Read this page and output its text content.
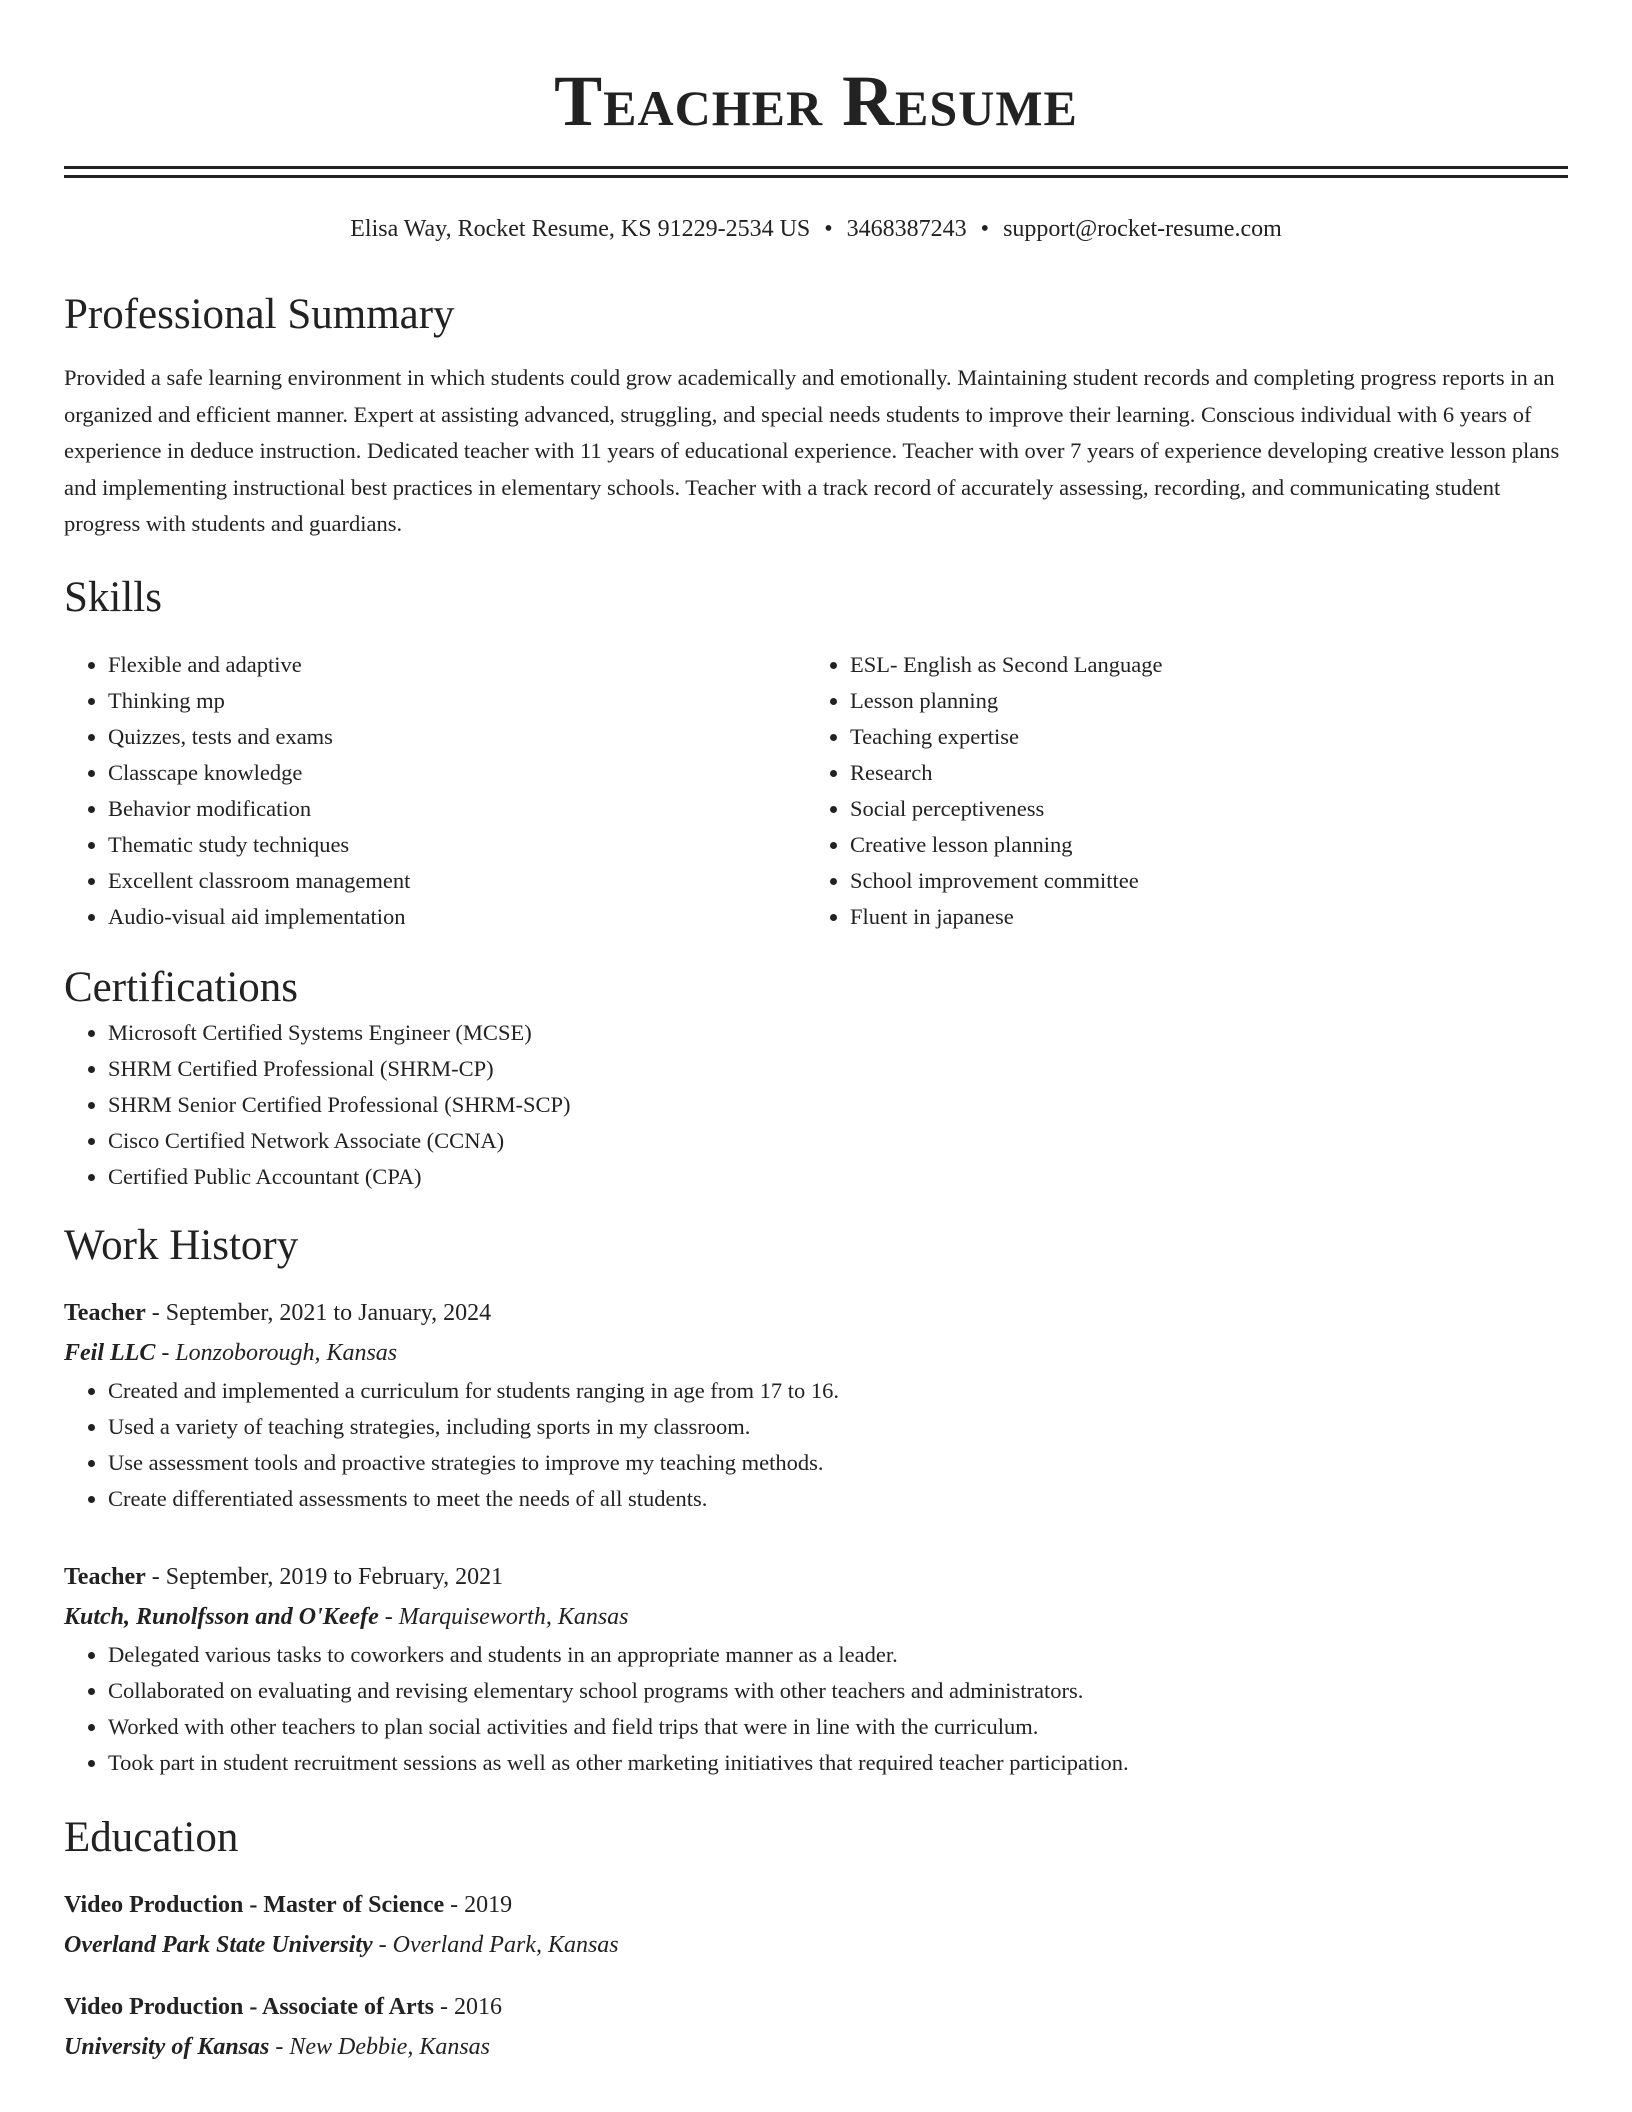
Teacher Resume
Elisa Way, Rocket Resume, KS 91229-2534 US • 3468387243 • support@rocket-resume.com
Professional Summary

Provided a safe learning environment in which students could grow academically and emotionally. Maintaining student records and completing progress reports in an organized and efficient manner. Expert at assisting advanced, struggling, and special needs students to improve their learning. Conscious individual with 6 years of experience in deduce instruction. Dedicated teacher with 11 years of educational experience. Teacher with over 7 years of experience developing creative lesson plans and implementing instructional best practices in elementary schools. Teacher with a track record of accurately assessing, recording, and communicating student progress with students and guardians.

Skills
• Flexible and adaptive
• Thinking mp
• Quizzes, tests and exams
• Classcape knowledge
• Behavior modification
• Thematic study techniques
• Excellent classroom management
• Audio-visual aid implementation
• ESL- English as Second Language
• Lesson planning
• Teaching expertise
• Research
• Social perceptiveness
• Creative lesson planning
• School improvement committee
• Fluent in japanese
Certifications
• Microsoft Certified Systems Engineer (MCSE)
• SHRM Certified Professional (SHRM-CP)
• SHRM Senior Certified Professional (SHRM-SCP)
• Cisco Certified Network Associate (CCNA)
• Certified Public Accountant (CPA)
Work History
Teacher - September, 2021 to January, 2024
Feil LLC - Lonzoborough, Kansas
• Created and implemented a curriculum for students ranging in age from 17 to 16.
• Used a variety of teaching strategies, including sports in my classroom.
• Use assessment tools and proactive strategies to improve my teaching methods.
• Create differentiated assessments to meet the needs of all students.
Teacher - September, 2019 to February, 2021
Kutch, Runolfsson and O'Keefe - Marquiseworth, Kansas
• Delegated various tasks to coworkers and students in an appropriate manner as a leader.
• Collaborated on evaluating and revising elementary school programs with other teachers and administrators.
• Worked with other teachers to plan social activities and field trips that were in line with the curriculum.
• Took part in student recruitment sessions as well as other marketing initiatives that required teacher participation.
Education
Video Production - Master of Science - 2019
Overland Park State University - Overland Park, Kansas
Video Production - Associate of Arts - 2016
University of Kansas - New Debbie, Kansas
